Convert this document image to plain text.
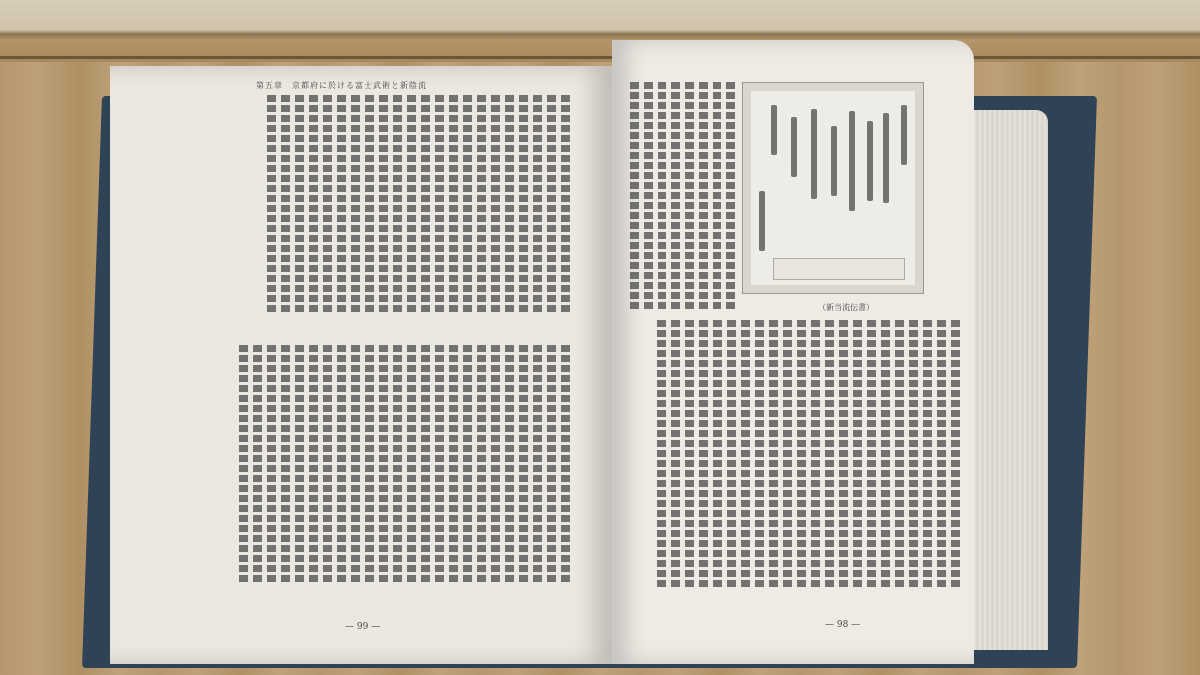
第五章　京都府に於ける富士武術と新陰流
（新当流伝書）
— 99 —	— 98 —
